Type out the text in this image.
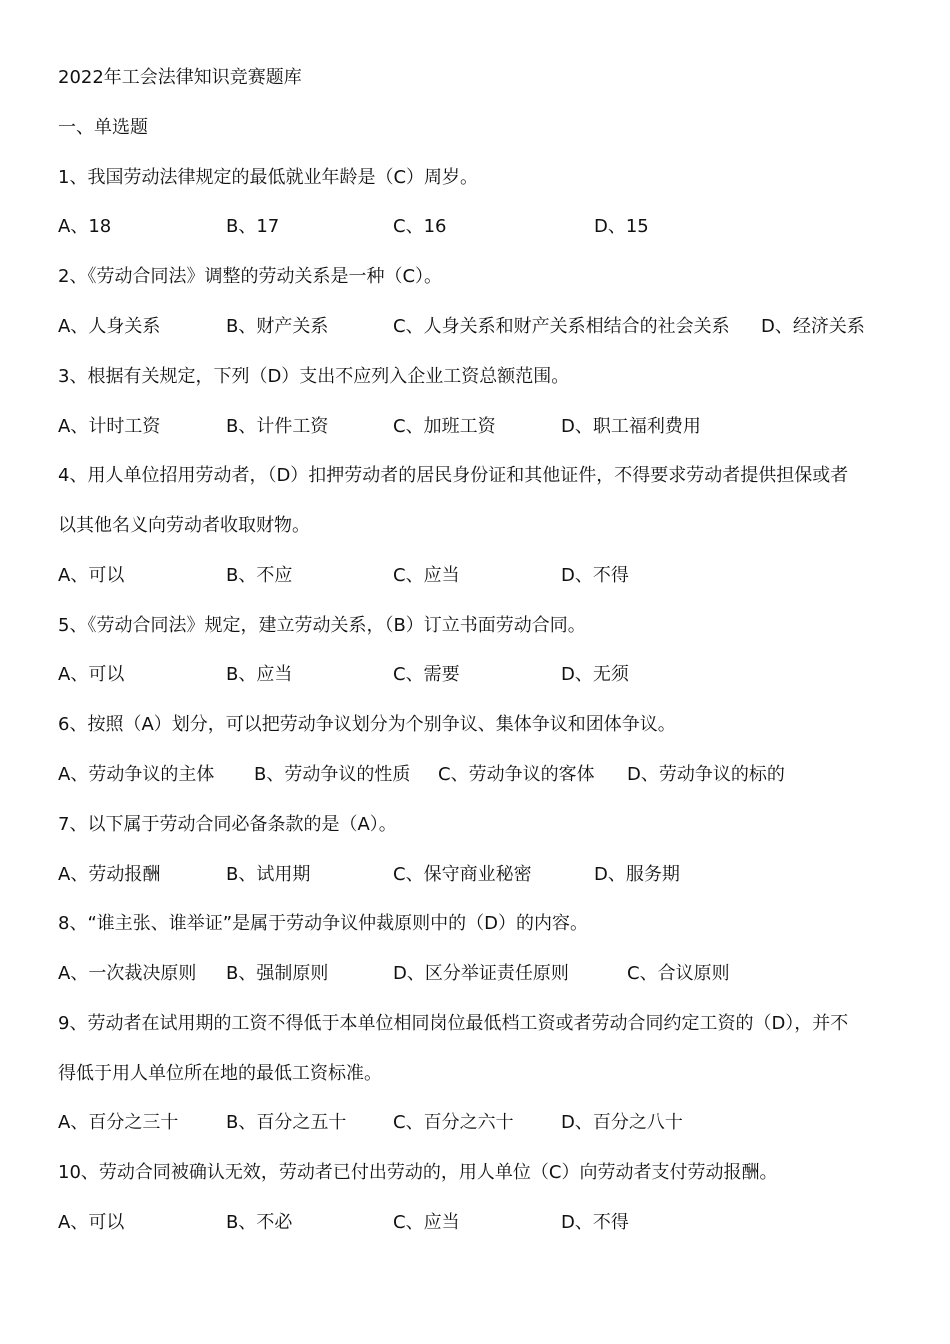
2022年工会法律知识竞赛题库
一、单选题
1、我国劳动法律规定的最低就业年龄是（C）周岁。
A、18	B、17	C、16	D、15
2、《劳动合同法》调整的劳动关系是一种（C）。
A、人身关系	B、财产关系	C、人身关系和财产关系相结合的社会关系 D、经济关系
3、根据有关规定，下列（D）支出不应列入企业工资总额范围。
A、计时工资	B、计件工资	C、加班工资	D、职工福利费用
4、用人单位招用劳动者，（D）扣押劳动者的居民身份证和其他证件，不得要求劳动者提供担保或者
以其他名义向劳动者收取财物。
A、可以	B、不应	C、应当	D、不得
5、《劳动合同法》规定，建立劳动关系，（B）订立书面劳动合同。
A、可以	B、应当	C、需要	D、无须
6、按照（A）划分，可以把劳动争议划分为个别争议、集体争议和团体争议。
A、劳动争议的主体 B、劳动争议的性质 C、劳动争议的客体 D、劳动争议的标的
7、以下属于劳动合同必备条款的是（A）。
A、劳动报酬	B、试用期	C、保守商业秘密	D、服务期
8、“谁主张、谁举证”是属于劳动争议仲裁原则中的（D）的内容。
A、一次裁决原则 B、强制原则	D、区分举证责任原则	C、合议原则
9、劳动者在试用期的工资不得低于本单位相同岗位最低档工资或者劳动合同约定工资的（D），并不
得低于用人单位所在地的最低工资标准。
A、百分之三十	B、百分之五十	C、百分之六十	D、百分之八十
10、劳动合同被确认无效，劳动者已付出劳动的，用人单位（C）向劳动者支付劳动报酬。
A、可以	B、不必	C、应当	D、不得
